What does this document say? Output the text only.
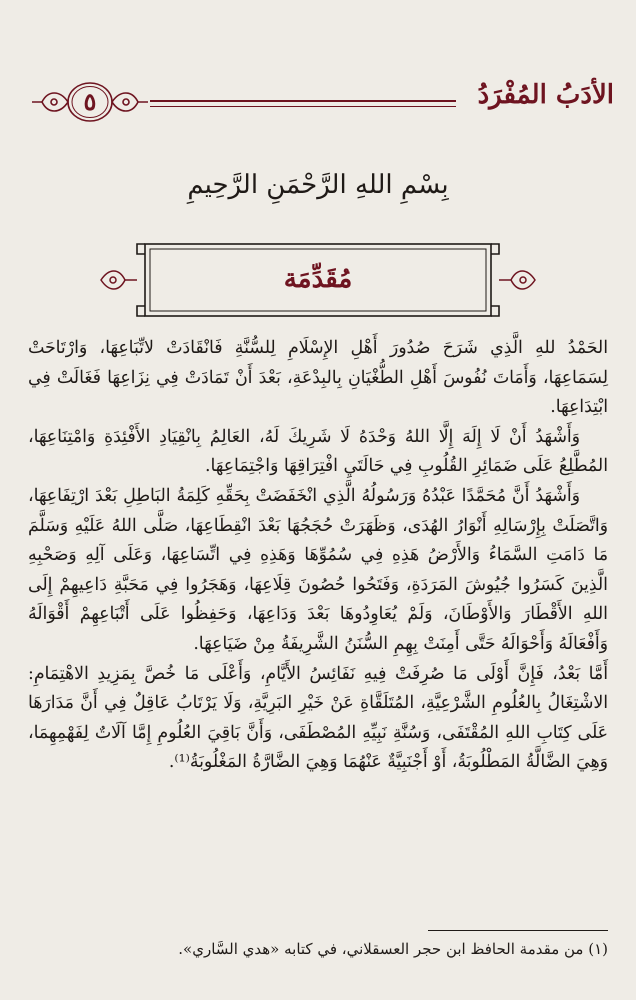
الأدَبُ المُفْرَدُ
٥
بِسْمِ اللهِ الرَّحْمَنِ الرَّحِيمِ
مُقَدِّمَة

الحَمْدُ للهِ الَّذِي شَرَحَ صُدُورَ أَهْلِ الإِسْلَامِ لِلسُّنَّةِ فَانْقَادَتْ لاتِّبَاعِهَا، وَارْتَاحَتْ لِسَمَاعِهَا، وَأَمَاتَ نُفُوسَ أَهْلِ الطُّغْيَانِ بِالبِدْعَةِ، بَعْدَ أَنْ تَمَادَتْ فِي نِزَاعِهَا فَغَالَتْ فِي ابْتِدَاعِهَا.

وَأَشْهَدُ أَنْ لَا إِلَهَ إِلَّا اللهُ وَحْدَهُ لَا شَرِيكَ لَهُ، العَالِمُ بِانْقِيَادِ الأَفْئِدَةِ وَامْتِنَاعِهَا، المُطَّلِعُ عَلَى ضَمَائِرِ القُلُوبِ فِي حَالَتَيِ افْتِرَاقِهَا وَاجْتِمَاعِهَا.

وَأَشْهَدُ أَنَّ مُحَمَّدًا عَبْدُهُ وَرَسُولُهُ الَّذِي انْخَفَضَتْ بِحَقِّهِ كَلِمَةُ البَاطِلِ بَعْدَ ارْتِفَاعِهَا، وَاتَّصَلَتْ بِإِرْسَالِهِ أَنْوَارُ الهُدَى، وَظَهَرَتْ حُجَجُهَا بَعْدَ انْقِطَاعِهَا، صَلَّى اللهُ عَلَيْهِ وَسَلَّمَ مَا دَامَتِ السَّمَاءُ وَالأَرْضُ هَذِهِ فِي سُمُوِّهَا وَهَذِهِ فِي اتِّسَاعِهَا، وَعَلَى آلِهِ وَصَحْبِهِ الَّذِينَ كَسَرُوا جُيُوشَ المَرَدَةِ، وَفَتَحُوا حُصُونَ قِلَاعِهَا، وَهَجَرُوا فِي مَحَبَّةِ دَاعِيهِمْ إِلَى اللهِ الأَقْطَارَ وَالأَوْطَانَ، وَلَمْ يُعَاوِدُوهَا بَعْدَ وَدَاعِهَا، وَحَفِظُوا عَلَى أَتْبَاعِهِمْ أَقْوَالَهُ وَأَفْعَالَهُ وَأَحْوَالَهُ حَتَّى أَمِنَتْ بِهِمِ السُّنَنُ الشَّرِيفَةُ مِنْ ضَيَاعِهَا.

أَمَّا بَعْدُ، فَإِنَّ أَوْلَى مَا صُرِفَتْ فِيهِ نَفَائِسُ الأَيَّامِ، وَأَعْلَى مَا خُصَّ بِمَزِيدِ الاهْتِمَامِ: الاشْتِغَالُ بِالعُلُومِ الشَّرْعِيَّةِ، المُتَلَقَّاةِ عَنْ خَيْرِ البَرِيَّةِ، وَلَا يَرْتَابُ عَاقِلٌ فِي أَنَّ مَدَارَهَا عَلَى كِتَابِ اللهِ المُقْتَفَى، وَسُنَّةِ نَبِيِّهِ المُصْطَفَى، وَأَنَّ بَاقِيَ العُلُومِ إِمَّا آلَاتٌ لِفَهْمِهِمَا، وَهِيَ الضَّالَّةُ المَطْلُوبَةُ، أَوْ أَجْنَبِيَّةٌ عَنْهُمَا وَهِيَ الضَّارَّةُ المَغْلُوبَةُ⁽¹⁾.

(١) من مقدمة الحافظ ابن حجر العسقلاني، في كتابه «هدي السَّاري».
